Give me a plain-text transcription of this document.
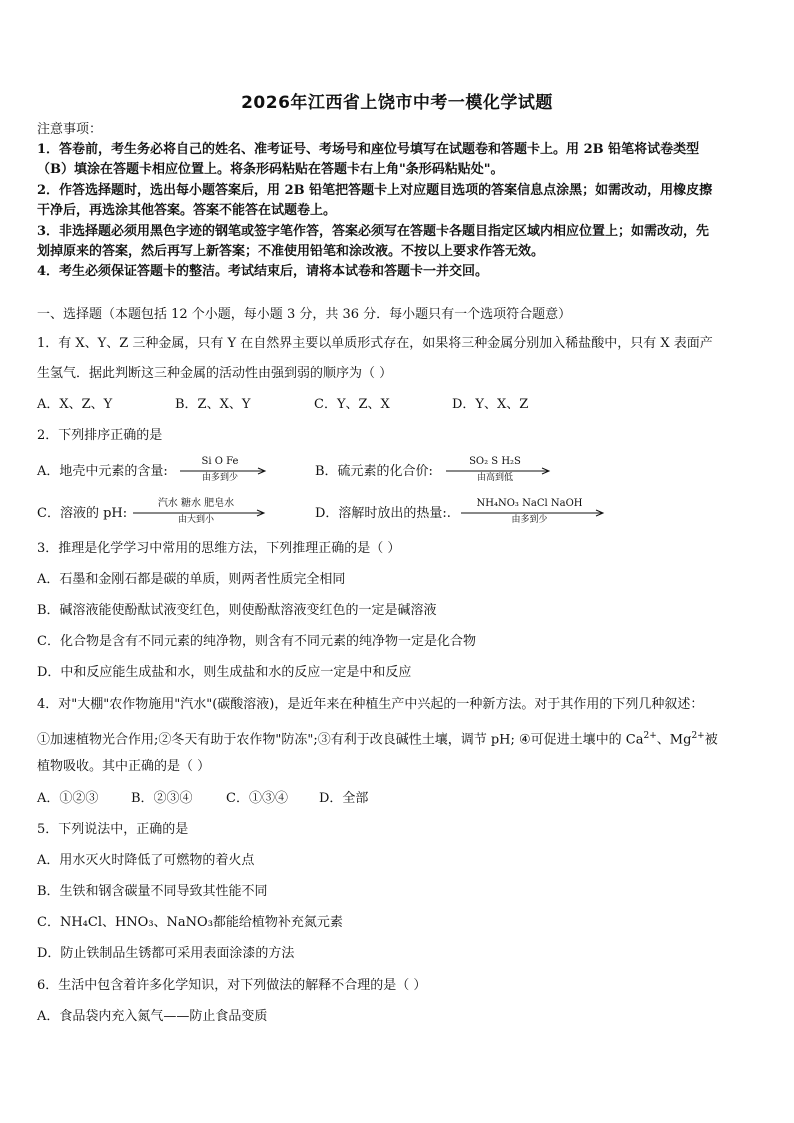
2026年江西省上饶市中考一模化学试题
注意事项：
1．答卷前，考生务必将自己的姓名、准考证号、考场号和座位号填写在试题卷和答题卡上。用 2B 铅笔将试卷类型
（B）填涂在答题卡相应位置上。将条形码粘贴在答题卡右上角"条形码粘贴处"。
2．作答选择题时，选出每小题答案后，用 2B 铅笔把答题卡上对应题目选项的答案信息点涂黑；如需改动，用橡皮擦
干净后，再选涂其他答案。答案不能答在试题卷上。
3．非选择题必须用黑色字迹的钢笔或签字笔作答，答案必须写在答题卡各题目指定区域内相应位置上；如需改动，先
划掉原来的答案，然后再写上新答案；不准使用铅笔和涂改液。不按以上要求作答无效。
4．考生必须保证答题卡的整洁。考试结束后，请将本试卷和答题卡一并交回。
一、选择题（本题包括 12 个小题，每小题 3 分，共 36 分．每小题只有一个选项符合题意）
1．有 X、Y、Z 三种金属，只有 Y 在自然界主要以单质形式存在，如果将三种金属分别加入稀盐酸中，只有 X 表面产
生氢气．据此判断这三种金属的活动性由强到弱的顺序为（ ）
A．X、Z、Y	B．Z、X、Y	C．Y、Z、X	D．Y、X、Z
2．下列排序正确的是
A．地壳中元素的含量:
Si O Fe
由多到少	B．硫元素的化合价:
SO₂ S H₂S
由高到低
C．溶液的 pH:
汽水 糖水 肥皂水
由大到小	D．溶解时放出的热量:.
NH₄NO₃ NaCl NaOH
由多到少
3．推理是化学学习中常用的思维方法，下列推理正确的是（ ）
A．石墨和金刚石都是碳的单质，则两者性质完全相同
B．碱溶液能使酚酞试液变红色，则使酚酞溶液变红色的一定是碱溶液
C．化合物是含有不同元素的纯净物，则含有不同元素的纯净物一定是化合物
D．中和反应能生成盐和水，则生成盐和水的反应一定是中和反应
4．对"大棚"农作物施用"汽水"(碳酸溶液)，是近年来在种植生产中兴起的一种新方法。对于其作用的下列几种叙述：
①加速植物光合作用;②冬天有助于农作物"防冻";③有利于改良碱性土壤，调节 pH; ④可促进土壤中的 $Ca^{2+}$、$Mg^{2+}$被
植物吸收。其中正确的是（ ）
A．①②③	B．②③④	C．①③④ D．全部
5．下列说法中，正确的是
A．用水灭火时降低了可燃物的着火点
B．生铁和钢含碳量不同导致其性能不同
C．NH₄Cl、HNO₃、NaNO₃都能给植物补充氮元素
D．防止铁制品生锈都可采用表面涂漆的方法
6．生活中包含着许多化学知识，对下列做法的解释不合理的是（ ）
A．食品袋内充入氮气——防止食品变质
